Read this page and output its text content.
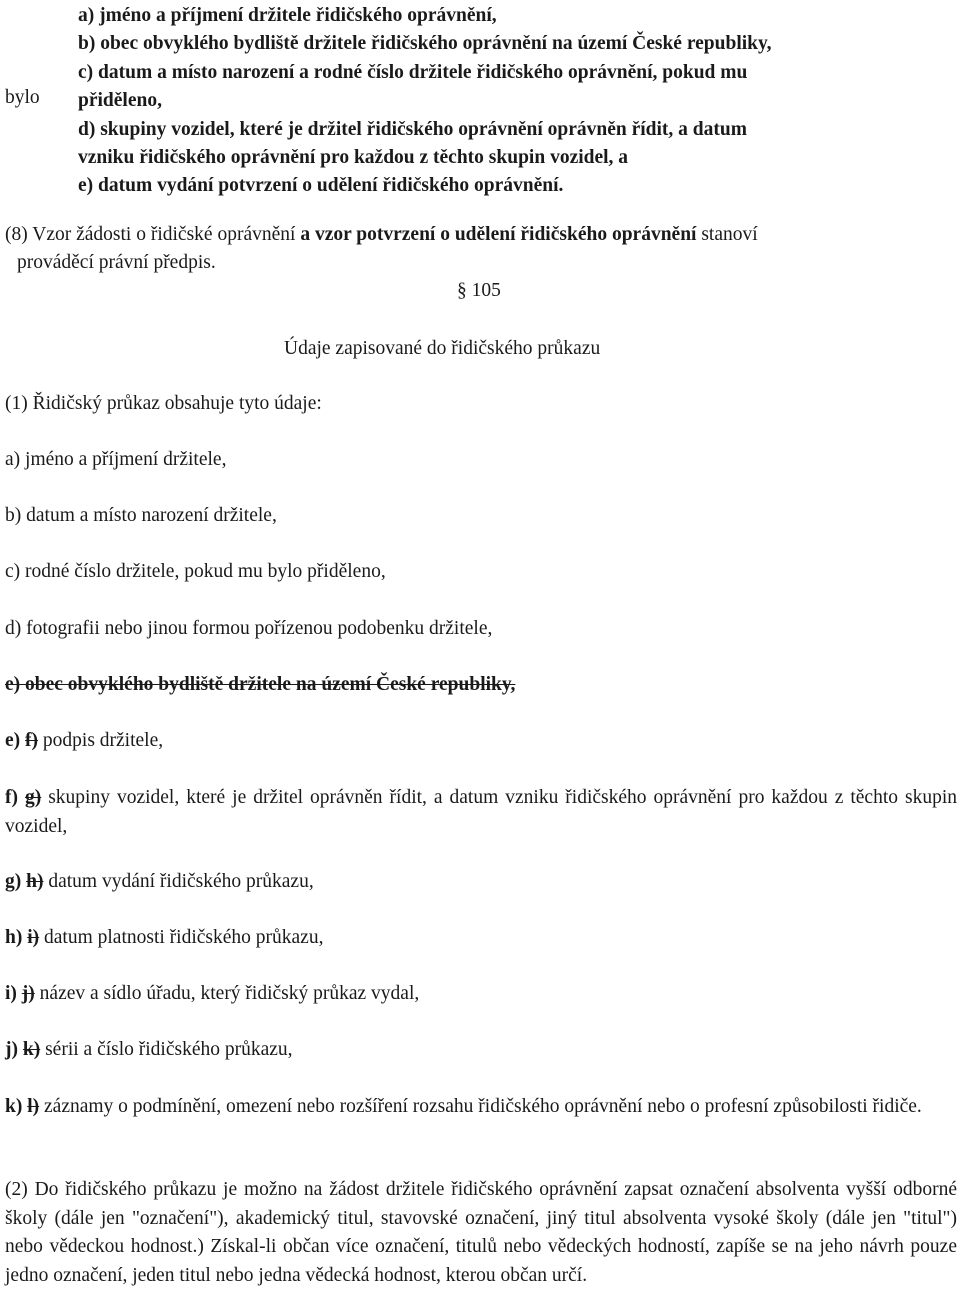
bylo
a) jméno a příjmení držitele řidičského oprávnění,
b) obec obvyklého bydliště držitele řidičského oprávnění na území České republiky,
c) datum a místo narození a rodné číslo držitele řidičského oprávnění, pokud mu
přiděleno,
d) skupiny vozidel, které je držitel řidičského oprávnění oprávněn řídit, a datum
vzniku řidičského oprávnění pro každou z těchto skupin vozidel, a
e) datum vydání potvrzení o udělení řidičského oprávnění.
(8) Vzor žádosti o řidičské oprávnění a vzor potvrzení o udělení řidičského oprávnění stanoví
prováděcí právní předpis.
§ 105
Údaje zapisované do řidičského průkazu
(1) Řidičský průkaz obsahuje tyto údaje:
a) jméno a příjmení držitele,
b) datum a místo narození držitele,
c) rodné číslo držitele, pokud mu bylo přiděleno,
d) fotografii nebo jinou formou pořízenou podobenku držitele,
e) obec obvyklého bydliště držitele na území České republiky,
e) f) podpis držitele,
f) g) skupiny vozidel, které je držitel oprávněn řídit, a datum vzniku řidičského oprávnění pro každou z těchto skupin vozidel,
g) h) datum vydání řidičského průkazu,
h) i) datum platnosti řidičského průkazu,
i) j) název a sídlo úřadu, který řidičský průkaz vydal,
j) k) sérii a číslo řidičského průkazu,
k) l) záznamy o podmínění, omezení nebo rozšíření rozsahu řidičského oprávnění nebo o profesní způsobilosti řidiče.
(2) Do řidičského průkazu je možno na žádost držitele řidičského oprávnění zapsat označení absolventa vyšší odborné školy (dále jen "označení"), akademický titul, stavovské označení, jiný titul absolventa vysoké školy (dále jen "titul") nebo vědeckou hodnost.) Získal-li občan více označení, titulů nebo vědeckých hodností, zapíše se na jeho návrh pouze jedno označení, jeden titul nebo jedna vědecká hodnost, kterou občan určí.
